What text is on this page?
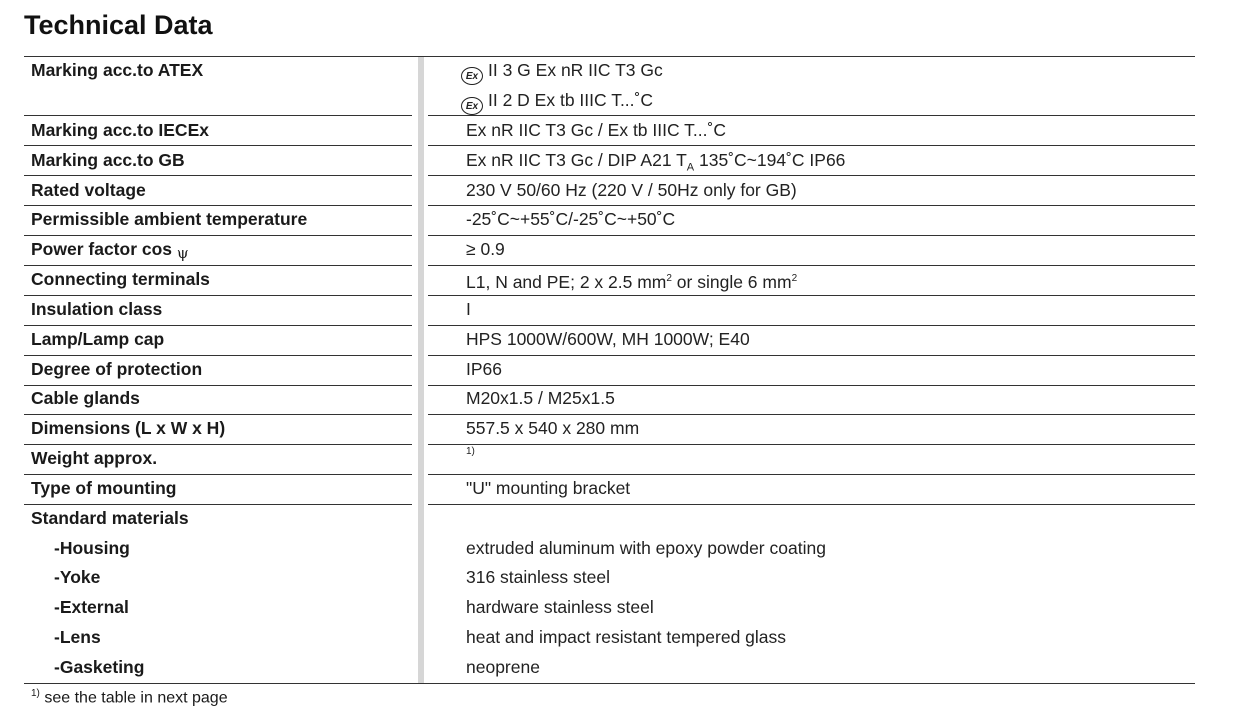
Technical Data
Marking acc.to ATEX	Ex II 3 G Ex nR IIC T3 Gc
Ex II 2 D Ex tb IIIC T...˚C
Marking acc.to IECEx	Ex nR IIC T3 Gc / Ex tb IIIC T...˚C
Marking acc.to GB	Ex nR IIC T3 Gc / DIP A21 $T_A$ 135˚C~194˚C IP66
Rated voltage	230 V 50/60 Hz (220 V / 50Hz only for GB)
Permissible ambient temperature	-25˚C~+55˚C/-25˚C~+50˚C
Power factor cos ψ	≥ 0.9
Connecting terminals	L1, N and PE; 2 x 2.5 $mm^2$ or single 6 $mm^2$
Insulation class	I
Lamp/Lamp cap	HPS 1000W/600W, MH 1000W; E40
Degree of protection	IP66
Cable glands	M20x1.5 / M25x1.5
Dimensions (L x W x H)	557.5 x 540 x 280 mm
Weight approx.	1)
Type of mounting	"U" mounting bracket
Standard materials
-Housing	extruded aluminum with epoxy powder coating
-Yoke	316 stainless steel
-External	hardware stainless steel
-Lens	heat and impact resistant tempered glass
-Gasketing	neoprene
$^{1)}$ see the table in next page
